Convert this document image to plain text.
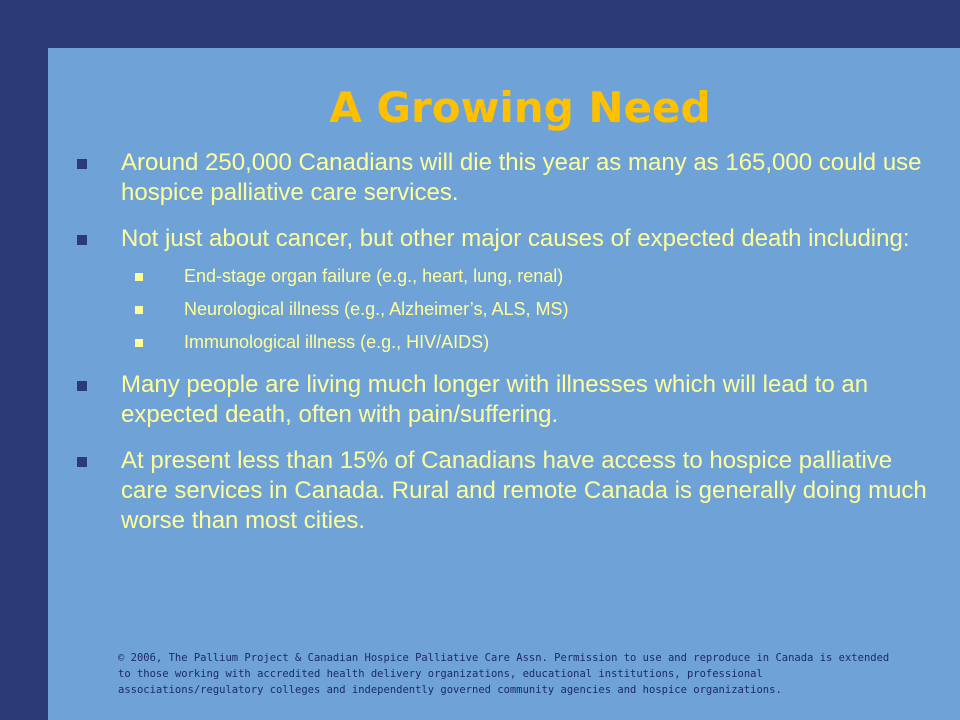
A Growing Need
Around 250,000 Canadians will die this year as many as 165,000 could use hospice palliative care services.
Not just about cancer, but other major causes of expected death including:
End-stage organ failure (e.g., heart, lung, renal)
Neurological illness (e.g., Alzheimer’s, ALS, MS)
Immunological illness (e.g., HIV/AIDS)
Many people are living much longer with illnesses which will lead to an expected death, often with pain/suffering.
At present less than 15% of Canadians have access to hospice palliative care services in Canada. Rural and remote Canada is generally doing much worse than most cities.

© 2006, The Pallium Project & Canadian Hospice Palliative Care Assn. Permission to use and reproduce in Canada is extended to those working with accredited health delivery organizations, educational institutions, professional associations/regulatory colleges and independently governed community agencies and hospice organizations.
